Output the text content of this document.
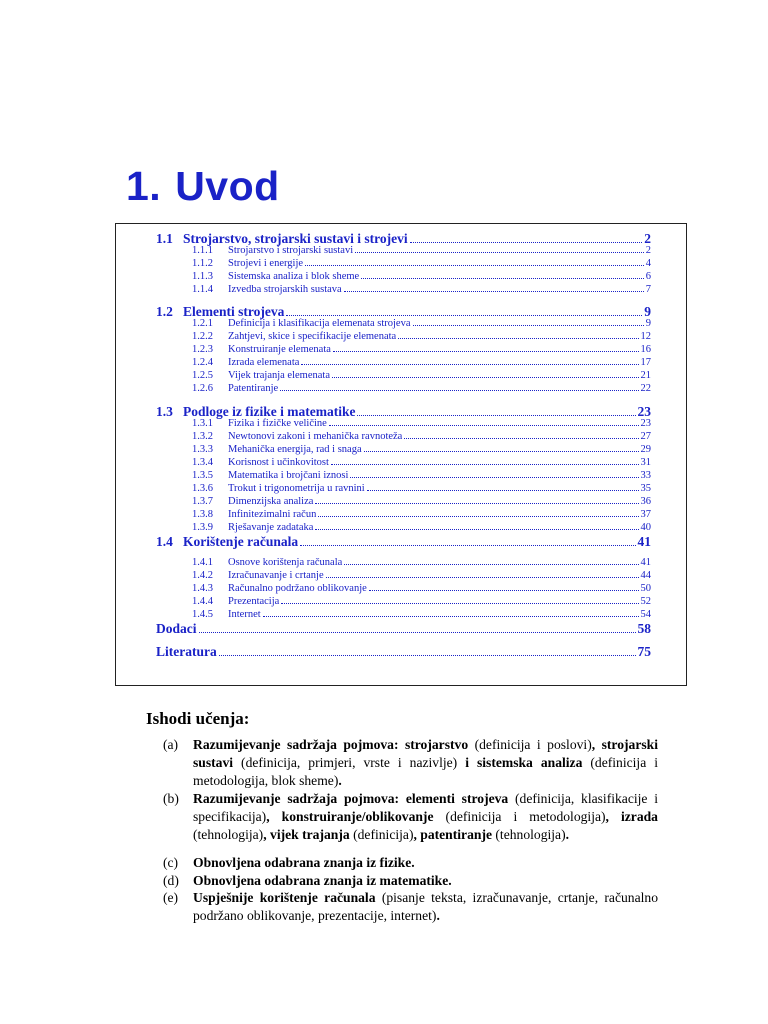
1. Uvod
1.1 Strojarstvo, strojarski sustavi i strojevi	2
1.1.1	Strojarstvo i strojarski sustavi	2
1.1.2	Strojevi i energije	4
1.1.3	Sistemska analiza i blok sheme	6
1.1.4	Izvedba strojarskih sustava	7
1.2 Elementi strojeva	9
1.2.1	Definicija i klasifikacija elemenata strojeva	9
1.2.2	Zahtjevi, skice i specifikacije elemenata	12
1.2.3	Konstruiranje elemenata	16
1.2.4	Izrada elemenata	17
1.2.5	Vijek trajanja elemenata	21
1.2.6	Patentiranje	22
1.3 Podloge iz fizike i matematike	23
1.3.1	Fizika i fizičke veličine	23
1.3.2	Newtonovi zakoni i mehanička ravnoteža	27
1.3.3	Mehanička energija, rad i snaga	29
1.3.4	Korisnost i učinkovitost	31
1.3.5	Matematika i brojčani iznosi	33
1.3.6	Trokut i trigonometrija u ravnini	35
1.3.7	Dimenzijska analiza	36
1.3.8	Infinitezimalni račun	37
1.3.9	Rješavanje zadataka	40
1.4 Korištenje računala	41
1.4.1	Osnove korištenja računala	41
1.4.2	Izračunavanje i crtanje	44
1.4.3	Računalno podržano oblikovanje	50
1.4.4	Prezentacija	52
1.4.5	Internet	54
Dodaci	58
Literatura	75
Ishodi učenja:
(a) Razumijevanje sadržaja pojmova: strojarstvo (definicija i poslovi), strojarski sustavi (definicija, primjeri, vrste i nazivlje) i sistemska analiza (definicija i metodologija, blok sheme).
(b) Razumijevanje sadržaja pojmova: elementi strojeva (definicija, klasifikacije i specifikacija), konstruiranje/oblikovanje (definicija i metodologija), izrada (tehnologija), vijek trajanja (definicija), patentiranje (tehnologija).
(c) Obnovljena odabrana znanja iz fizike.
(d) Obnovljena odabrana znanja iz matematike.
(e) Uspješnije korištenje računala (pisanje teksta, izračunavanje, crtanje, računalno podržano oblikovanje, prezentacije, internet).
